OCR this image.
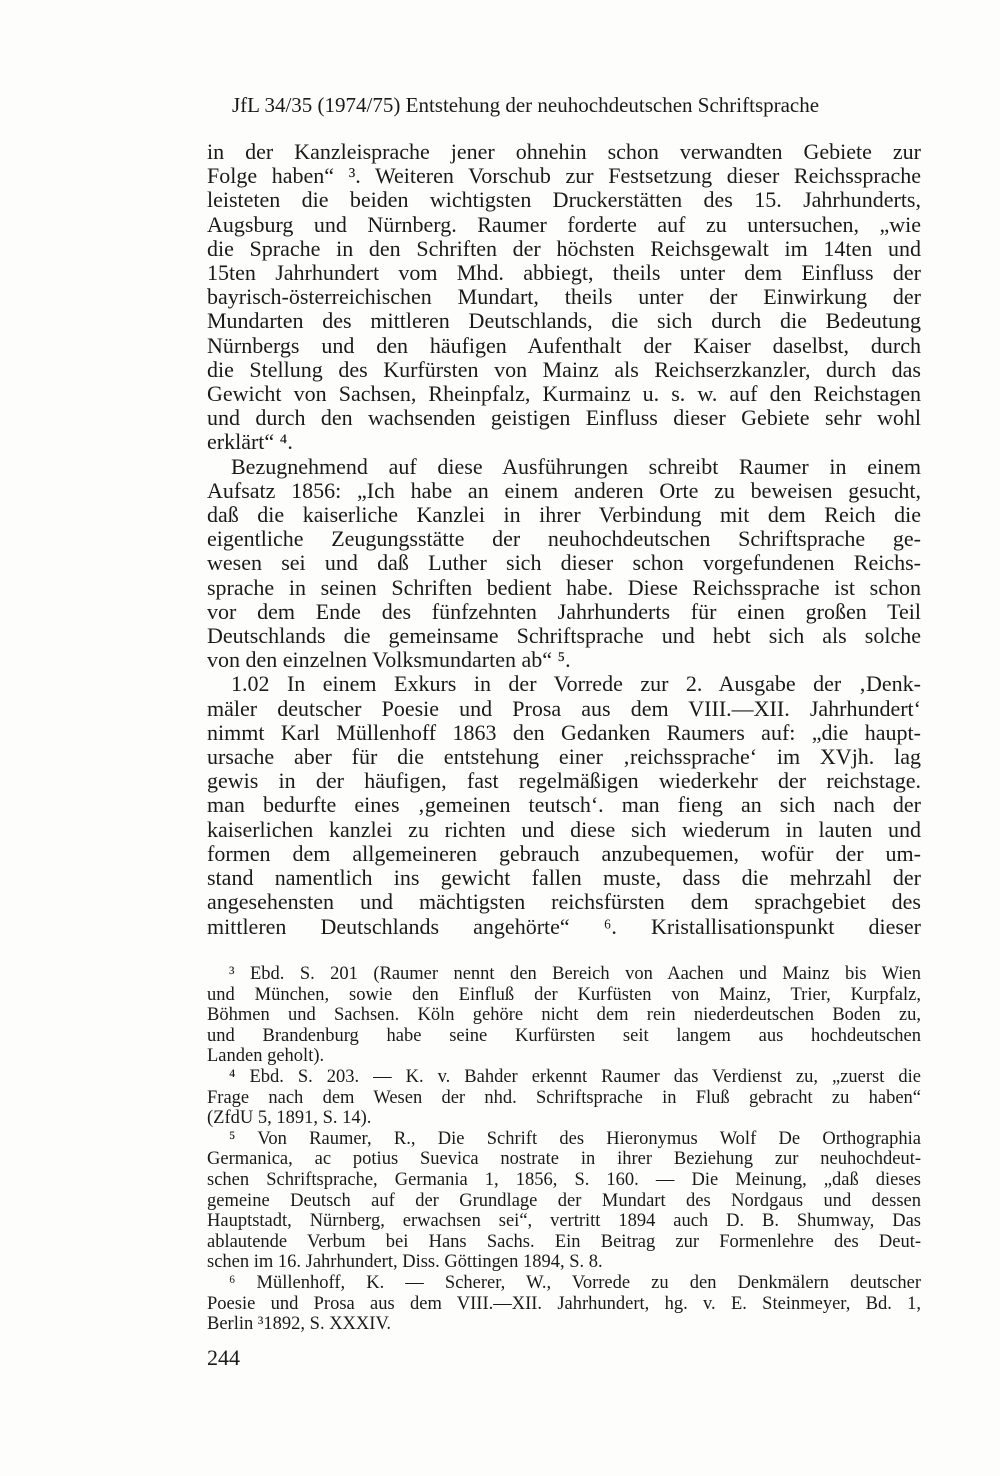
JfL 34/35 (1974/75) Entstehung der neuhochdeutschen Schriftsprache
in der Kanzleisprache jener ohnehin schon verwandten Gebiete zur
Folge haben“ ³. Weiteren Vorschub zur Festsetzung dieser Reichssprache
leisteten die beiden wichtigsten Druckerstätten des 15. Jahrhunderts,
Augsburg und Nürnberg. Raumer forderte auf zu untersuchen, „wie
die Sprache in den Schriften der höchsten Reichsgewalt im 14ten und
15ten Jahrhundert vom Mhd. abbiegt, theils unter dem Einfluss der
bayrisch-österreichischen Mundart, theils unter der Einwirkung der
Mundarten des mittleren Deutschlands, die sich durch die Bedeutung
Nürnbergs und den häufigen Aufenthalt der Kaiser daselbst, durch
die Stellung des Kurfürsten von Mainz als Reichserzkanzler, durch das
Gewicht von Sachsen, Rheinpfalz, Kurmainz u. s. w. auf den Reichstagen
und durch den wachsenden geistigen Einfluss dieser Gebiete sehr wohl
erklärt“ ⁴.
Bezugnehmend auf diese Ausführungen schreibt Raumer in einem
Aufsatz 1856: „Ich habe an einem anderen Orte zu beweisen gesucht,
daß die kaiserliche Kanzlei in ihrer Verbindung mit dem Reich die
eigentliche Zeugungsstätte der neuhochdeutschen Schriftsprache ge-
wesen sei und daß Luther sich dieser schon vorgefundenen Reichs-
sprache in seinen Schriften bedient habe. Diese Reichssprache ist schon
vor dem Ende des fünfzehnten Jahrhunderts für einen großen Teil
Deutschlands die gemeinsame Schriftsprache und hebt sich als solche
von den einzelnen Volksmundarten ab“ ⁵.
1.02 In einem Exkurs in der Vorrede zur 2. Ausgabe der ‚Denk-
mäler deutscher Poesie und Prosa aus dem VIII.—XII. Jahrhundert‘
nimmt Karl Müllenhoff 1863 den Gedanken Raumers auf: „die haupt-
ursache aber für die entstehung einer ‚reichssprache‘ im XVjh. lag
gewis in der häufigen, fast regelmäßigen wiederkehr der reichstage.
man bedurfte eines ‚gemeinen teutsch‘. man fieng an sich nach der
kaiserlichen kanzlei zu richten und diese sich wiederum in lauten und
formen dem allgemeineren gebrauch anzubequemen, wofür der um-
stand namentlich ins gewicht fallen muste, dass die mehrzahl der
angesehensten und mächtigsten reichsfürsten dem sprachgebiet des
mittleren Deutschlands angehörte“ ⁶. Kristallisationspunkt dieser
³ Ebd. S. 201 (Raumer nennt den Bereich von Aachen und Mainz bis Wien
und München, sowie den Einfluß der Kurfüsten von Mainz, Trier, Kurpfalz,
Böhmen und Sachsen. Köln gehöre nicht dem rein niederdeutschen Boden zu,
und Brandenburg habe seine Kurfürsten seit langem aus hochdeutschen
Landen geholt).
⁴ Ebd. S. 203. — K. v. Bahder erkennt Raumer das Verdienst zu, „zuerst die
Frage nach dem Wesen der nhd. Schriftsprache in Fluß gebracht zu haben“
(ZfdU 5, 1891, S. 14).
⁵ Von Raumer, R., Die Schrift des Hieronymus Wolf De Orthographia
Germanica, ac potius Suevica nostrate in ihrer Beziehung zur neuhochdeut-
schen Schriftsprache, Germania 1, 1856, S. 160. — Die Meinung, „daß dieses
gemeine Deutsch auf der Grundlage der Mundart des Nordgaus und dessen
Hauptstadt, Nürnberg, erwachsen sei“, vertritt 1894 auch D. B. Shumway, Das
ablautende Verbum bei Hans Sachs. Ein Beitrag zur Formenlehre des Deut-
schen im 16. Jahrhundert, Diss. Göttingen 1894, S. 8.
⁶ Müllenhoff, K. — Scherer, W., Vorrede zu den Denkmälern deutscher
Poesie und Prosa aus dem VIII.—XII. Jahrhundert, hg. v. E. Steinmeyer, Bd. 1,
Berlin ³1892, S. XXXIV.
244
